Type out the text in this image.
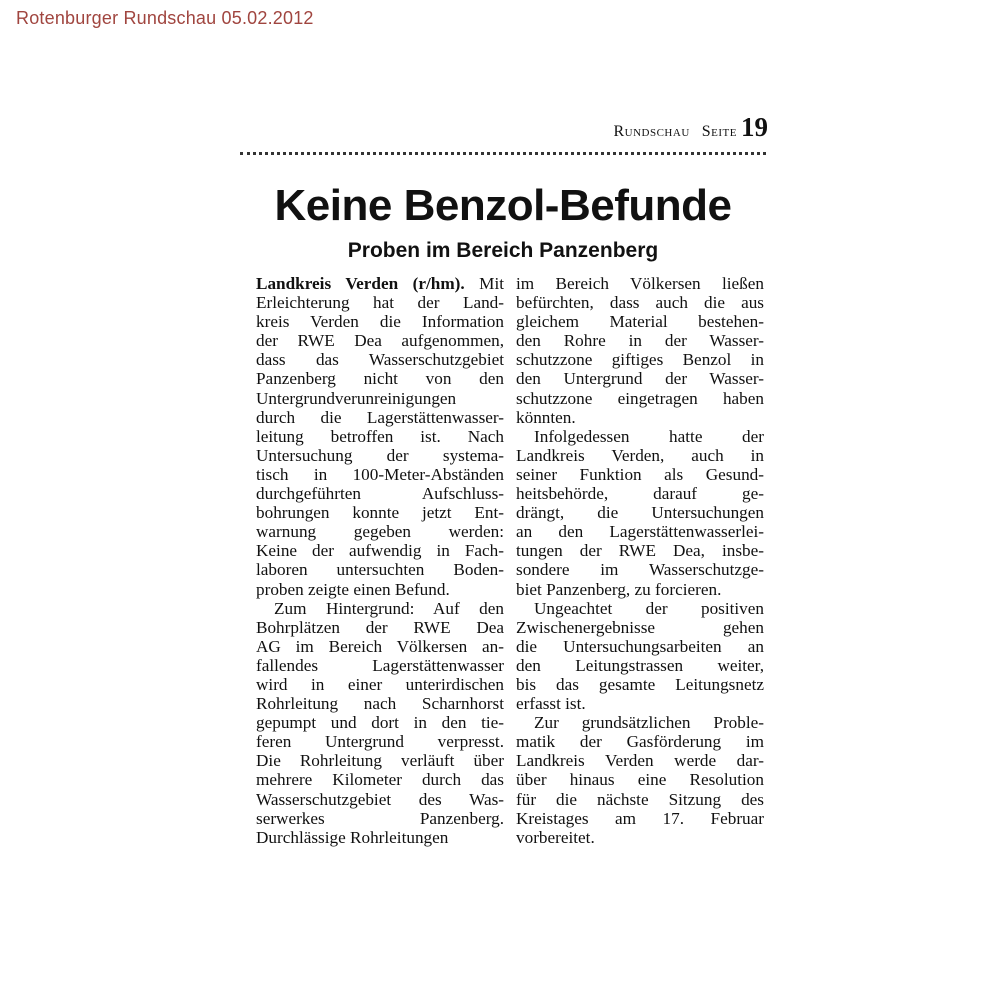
Rotenburger Rundschau 05.02.2012
Rundschau Seite 19
Keine Benzol-Befunde
Proben im Bereich Panzenberg
Landkreis Verden (r/hm). Mit
Erleichterung hat der Land-
kreis Verden die Information
der RWE Dea aufgenommen,
dass das Wasserschutzgebiet
Panzenberg nicht von den
Untergrundverunreinigungen
durch die Lagerstättenwasser-
leitung betroffen ist. Nach
Untersuchung der systema-
tisch in 100-Meter-Abständen
durchgeführten Aufschluss-
bohrungen konnte jetzt Ent-
warnung gegeben werden:
Keine der aufwendig in Fach-
laboren untersuchten Boden-
proben zeigte einen Befund.
Zum Hintergrund: Auf den
Bohrplätzen der RWE Dea
AG im Bereich Völkersen an-
fallendes Lagerstättenwasser
wird in einer unterirdischen
Rohrleitung nach Scharnhorst
gepumpt und dort in den tie-
feren Untergrund verpresst.
Die Rohrleitung verläuft über
mehrere Kilometer durch das
Wasserschutzgebiet des Was-
serwerkes Panzenberg.
Durchlässige Rohrleitungen
im Bereich Völkersen ließen
befürchten, dass auch die aus
gleichem Material bestehen-
den Rohre in der Wasser-
schutzzone giftiges Benzol in
den Untergrund der Wasser-
schutzzone eingetragen haben
könnten.
Infolgedessen hatte der
Landkreis Verden, auch in
seiner Funktion als Gesund-
heitsbehörde, darauf ge-
drängt, die Untersuchungen
an den Lagerstättenwasserlei-
tungen der RWE Dea, insbe-
sondere im Wasserschutzge-
biet Panzenberg, zu forcieren.
Ungeachtet der positiven
Zwischenergebnisse gehen
die Untersuchungsarbeiten an
den Leitungstrassen weiter,
bis das gesamte Leitungsnetz
erfasst ist.
Zur grundsätzlichen Proble-
matik der Gasförderung im
Landkreis Verden werde dar-
über hinaus eine Resolution
für die nächste Sitzung des
Kreistages am 17. Februar
vorbereitet.
